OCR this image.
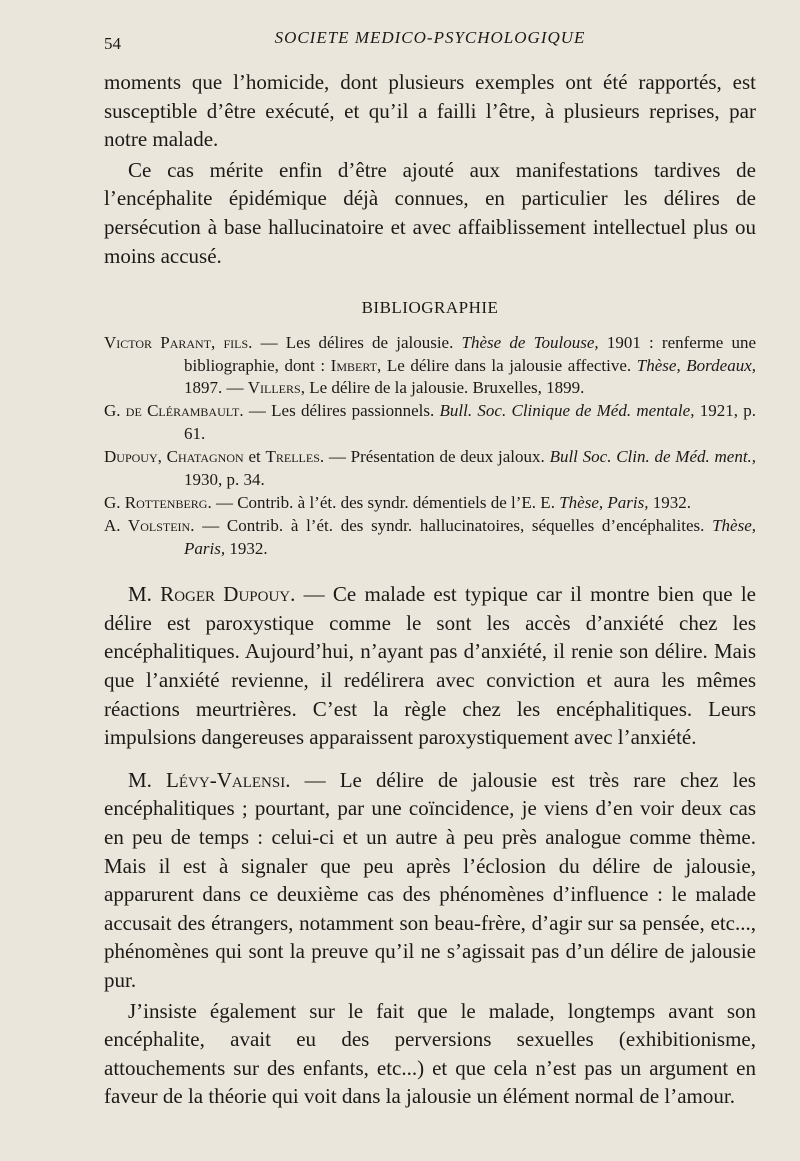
54	SOCIETE MEDICO-PSYCHOLOGIQUE

moments que l’homicide, dont plusieurs exemples ont été rapportés, est susceptible d’être exécuté, et qu’il a failli l’être, à plusieurs reprises, par notre malade.

Ce cas mérite enfin d’être ajouté aux manifestations tardives de l’encéphalite épidémique déjà connues, en particulier les délires de persécution à base hallucinatoire et avec affaiblissement intellectuel plus ou moins accusé.

BIBLIOGRAPHIE

Victor Parant, fils. — Les délires de jalousie. Thèse de Toulouse, 1901 : renferme une bibliographie, dont : Imbert, Le délire dans la jalousie affective. Thèse, Bordeaux, 1897. — Villers, Le délire de la jalousie. Bruxelles, 1899.

G. de Clérambault. — Les délires passionnels. Bull. Soc. Clinique de Méd. mentale, 1921, p. 61.

Dupouy, Chatagnon et Trelles. — Présentation de deux jaloux. Bull Soc. Clin. de Méd. ment., 1930, p. 34.

G. Rottenberg. — Contrib. à l’ét. des syndr. démentiels de l’E. E. Thèse, Paris, 1932.

A. Volstein. — Contrib. à l’ét. des syndr. hallucinatoires, séquelles d’encéphalites. Thèse, Paris, 1932.

M. Roger Dupouy. — Ce malade est typique car il montre bien que le délire est paroxystique comme le sont les accès d’anxiété chez les encéphalitiques. Aujourd’hui, n’ayant pas d’anxiété, il renie son délire. Mais que l’anxiété revienne, il redélirera avec conviction et aura les mêmes réactions meurtrières. C’est la règle chez les encéphalitiques. Leurs impulsions dangereuses apparaissent paroxystiquement avec l’anxiété.

M. Lévy-Valensi. — Le délire de jalousie est très rare chez les encéphalitiques ; pourtant, par une coïncidence, je viens d’en voir deux cas en peu de temps : celui-ci et un autre à peu près analogue comme thème. Mais il est à signaler que peu après l’éclosion du délire de jalousie, apparurent dans ce deuxième cas des phénomènes d’influence : le malade accusait des étrangers, notamment son beau-frère, d’agir sur sa pensée, etc..., phénomènes qui sont la preuve qu’il ne s’agissait pas d’un délire de jalousie pur.

J’insiste également sur le fait que le malade, longtemps avant son encéphalite, avait eu des perversions sexuelles (exhibitionisme, attouchements sur des enfants, etc...) et que cela n’est pas un argument en faveur de la théorie qui voit dans la jalousie un élément normal de l’amour.
